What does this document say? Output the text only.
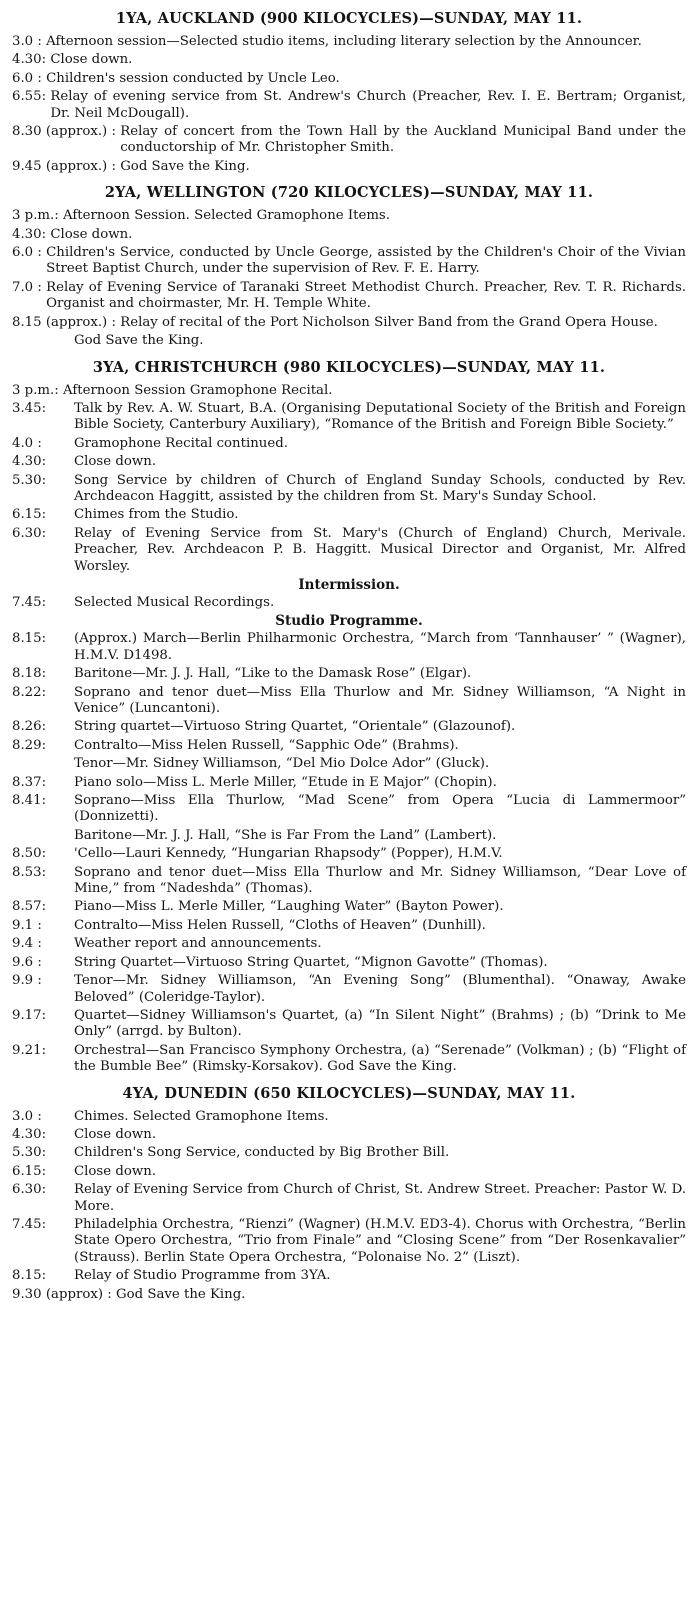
1YA, AUCKLAND (900 KILOCYCLES)—SUNDAY, MAY 11.
3.0 : Afternoon session—Selected studio items, including literary selection by the Announcer.
4.30: Close down.
6.0 : Children's session conducted by Uncle Leo.
6.55: Relay of evening service from St. Andrew's Church (Preacher, Rev. I. E. Bertram; Organist, Dr. Neil McDougall).
8.30 (approx.) : Relay of concert from the Town Hall by the Auckland Municipal Band under the conductorship of Mr. Christopher Smith.
9.45 (approx.) : God Save the King.
2YA, WELLINGTON (720 KILOCYCLES)—SUNDAY, MAY 11.
3 p.m.: Afternoon Session. Selected Gramophone Items.
4.30: Close down.
6.0 : Children's Service, conducted by Uncle George, assisted by the Children's Choir of the Vivian Street Baptist Church, under the supervision of Rev. F. E. Harry.
7.0 : Relay of Evening Service of Taranaki Street Methodist Church. Preacher, Rev. T. R. Richards. Organist and choirmaster, Mr. H. Temple White.
8.15 (approx.) : Relay of recital of the Port Nicholson Silver Band from the Grand Opera House.
God Save the King.
3YA, CHRISTCHURCH (980 KILOCYCLES)—SUNDAY, MAY 11.
3 p.m.: Afternoon Session Gramophone Recital.
3.45:	Talk by Rev. A. W. Stuart, B.A. (Organising Deputational Society of the British and Foreign Bible Society, Canterbury Auxiliary), “Romance of the British and Foreign Bible Society.”
4.0 :	Gramophone Recital continued.
4.30:	Close down.
5.30:	Song Service by children of Church of England Sunday Schools, conducted by Rev. Archdeacon Haggitt, assisted by the children from St. Mary's Sunday School.
6.15:	Chimes from the Studio.
6.30:	Relay of Evening Service from St. Mary's (Church of England) Church, Merivale. Preacher, Rev. Archdeacon P. B. Haggitt. Musical Director and Organist, Mr. Alfred Worsley.
Intermission.
7.45:	Selected Musical Recordings.
Studio Programme.
8.15:	(Approx.) March—Berlin Philharmonic Orchestra, “March from ‘Tannhauser’ ” (Wagner), H.M.V. D1498.
8.18:	Baritone—Mr. J. J. Hall, “Like to the Damask Rose” (Elgar).
8.22:	Soprano and tenor duet—Miss Ella Thurlow and Mr. Sidney Williamson, “A Night in Venice” (Luncantoni).
8.26:	String quartet—Virtuoso String Quartet, “Orientale” (Glazounof).
8.29:	Contralto—Miss Helen Russell, “Sapphic Ode” (Brahms).
Tenor—Mr. Sidney Williamson, “Del Mio Dolce Ador” (Gluck).
8.37:	Piano solo—Miss L. Merle Miller, “Etude in E Major” (Chopin).
8.41:	Soprano—Miss Ella Thurlow, “Mad Scene” from Opera “Lucia di Lammermoor” (Donnizetti).
Baritone—Mr. J. J. Hall, “She is Far From the Land” (Lambert).
8.50:	'Cello—Lauri Kennedy, “Hungarian Rhapsody” (Popper), H.M.V.
8.53:	Soprano and tenor duet—Miss Ella Thurlow and Mr. Sidney Williamson, “Dear Love of Mine,” from “Nadeshda” (Thomas).
8.57:	Piano—Miss L. Merle Miller, “Laughing Water” (Bayton Power).
9.1 :	Contralto—Miss Helen Russell, “Cloths of Heaven” (Dunhill).
9.4 :	Weather report and announcements.
9.6 :	String Quartet—Virtuoso String Quartet, “Mignon Gavotte” (Thomas).
9.9 :	Tenor—Mr. Sidney Williamson, “An Evening Song” (Blumenthal). “Onaway, Awake Beloved” (Coleridge-Taylor).
9.17:	Quartet—Sidney Williamson's Quartet, (a) “In Silent Night” (Brahms) ; (b) “Drink to Me Only” (arrgd. by Bulton).
9.21:	Orchestral—San Francisco Symphony Orchestra, (a) “Serenade” (Volkman) ; (b) “Flight of the Bumble Bee” (Rimsky-Korsakov). God Save the King.
4YA, DUNEDIN (650 KILOCYCLES)—SUNDAY, MAY 11.
3.0 :	Chimes. Selected Gramophone Items.
4.30:	Close down.
5.30:	Children's Song Service, conducted by Big Brother Bill.
6.15:	Close down.
6.30:	Relay of Evening Service from Church of Christ, St. Andrew Street. Preacher: Pastor W. D. More.
7.45:	Philadelphia Orchestra, “Rienzi” (Wagner) (H.M.V. ED3-4). Chorus with Orchestra, “Berlin State Opero Orchestra, “Trio from Finale” and “Closing Scene” from “Der Rosenkavalier” (Strauss). Berlin State Opera Orchestra, “Polonaise No. 2” (Liszt).
8.15:	Relay of Studio Programme from 3YA.
9.30 (approx) : God Save the King.
